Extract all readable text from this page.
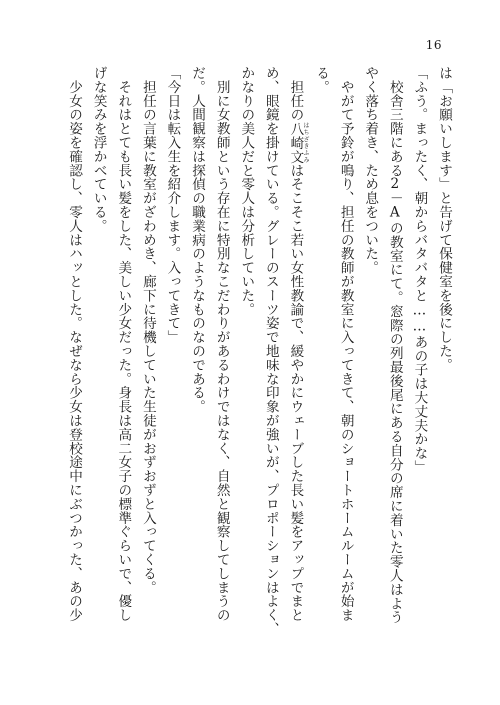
16
は「お願いします」と告げて保健室を後にした。
「ふう。まったく、朝からバタバタと……あの子は大丈夫かな」
　校舎三階にある2－Aの教室にて。窓際の列最後尾にある自分の席に着いた零人はよう
やく落ち着き、ため息をついた。
　やがて予鈴が鳴り、担任の教師が教室に入ってきて、朝のショートホームルームが始ま
る。
　担任の八崎文はちざきふみはそこそこ若い女性教諭で、緩やかにウェーブした長い髪をアップでまと
め、眼鏡を掛けている。グレーのスーツ姿で地味な印象が強いが、プロポーションはよく、
かなりの美人だと零人は分析していた。
　別に女教師という存在に特別なこだわりがあるわけではなく、自然と観察してしまうの
だ。人間観察は探偵の職業病のようなものなのである。
「今日は転入生を紹介します。入ってきて」
　担任の言葉に教室がざわめき、廊下に待機していた生徒がおずおずと入ってくる。
　それはとても長い髪をした、美しい少女だった。身長は高二女子の標準ぐらいで、優し
げな笑みを浮かべている。
　少女の姿を確認し、零人はハッとした。なぜなら少女は登校途中にぶつかった、あの少
